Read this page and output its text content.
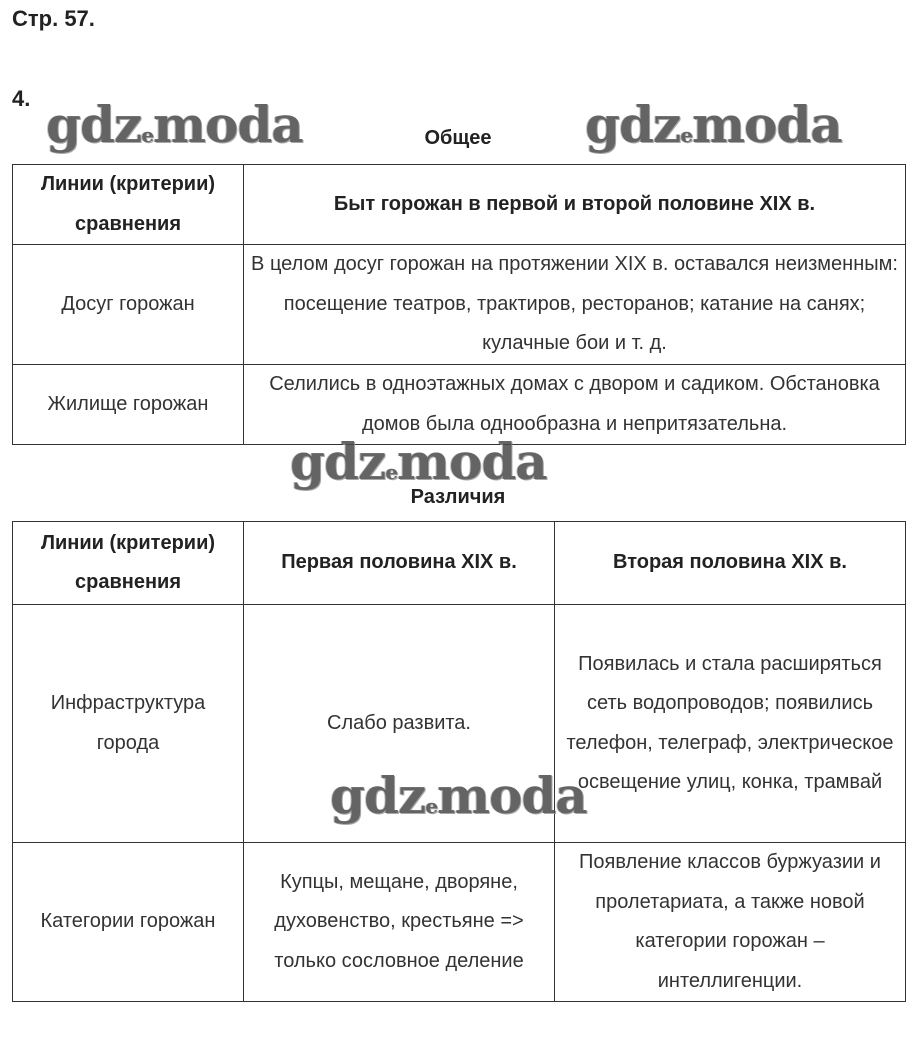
Стр. 57.
4. gdzemoda	gdzemoda
Общее
Линии (критерии) сравнения	Быт горожан в первой и второй половине XIX в.
Досуг горожан	В целом досуг горожан на протяжении XIX в. оставался неизменным: посещение театров, трактиров, ресторанов; катание на санях; кулачные бои и т. д.
Жилище горожан	Селились в одноэтажных домах с двором и садиком. Обстановка домов была однообразна и непритязательна.
gdzemoda
Различия
Линии (критерии) сравнения	Первая половина XIX в.	Вторая половина XIX в.
Инфраструктура города	Слабо развита.	Появилась и стала расширяться сеть водопроводов; появились телефон, телеграф, электрическое освещение улиц, конка, трамвай
Категории горожан	Купцы, мещане, дворяне, духовенство, крестьяне => только сословное деление	Появление классов буржуазии и пролетариата, а также новой категории горожан – интеллигенции.
gdzemoda
